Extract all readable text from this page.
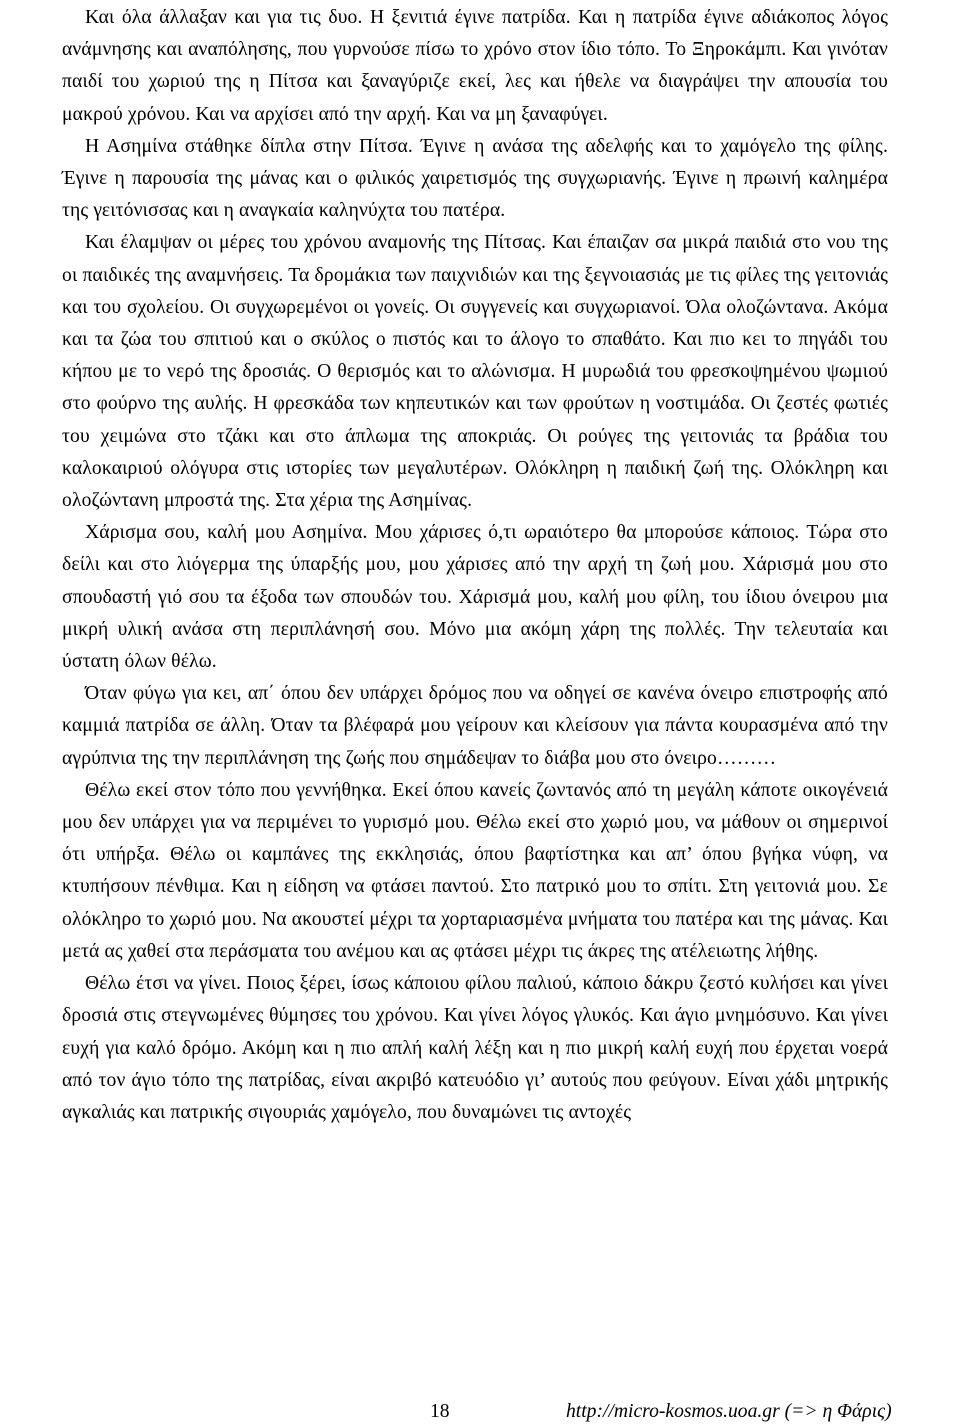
Και όλα άλλαξαν και για τις δυο. Η ξενιτιά έγινε πατρίδα. Και η πατρίδα έγινε αδιάκοπος λόγος ανάμνησης και αναπόλησης, που γυρνούσε πίσω το χρόνο στον ίδιο τόπο. Το Ξηροκάμπι. Και γινόταν παιδί του χωριού της η Πίτσα και ξαναγύριζε εκεί, λες και ήθελε να διαγράψει την απουσία του μακρού χρόνου. Και να αρχίσει από την αρχή. Και να μη ξαναφύγει.

Η Ασημίνα στάθηκε δίπλα στην Πίτσα. Έγινε η ανάσα της αδελφής και το χαμόγελο της φίλης. Έγινε η παρουσία της μάνας και ο φιλικός χαιρετισμός της συγχωριανής. Έγινε η πρωινή καλημέρα της γειτόνισσας και η αναγκαία καληνύχτα του πατέρα.

Και έλαμψαν οι μέρες του χρόνου αναμονής της Πίτσας. Και έπαιζαν σα μικρά παιδιά στο νου της οι παιδικές της αναμνήσεις. Τα δρομάκια των παιχνιδιών και της ξεγνοιασιάς με τις φίλες της γειτονιάς και του σχολείου. Οι συγχωρεμένοι οι γονείς. Οι συγγενείς και συγχωριανοί. Όλα ολοζώντανα. Ακόμα και τα ζώα του σπιτιού και ο σκύλος ο πιστός και το άλογο το σπαθάτο. Και πιο κει το πηγάδι του κήπου με το νερό της δροσιάς. Ο θερισμός και το αλώνισμα. Η μυρωδιά του φρεσκοψημένου ψωμιού στο φούρνο της αυλής. Η φρεσκάδα των κηπευτικών και των φρούτων η νοστιμάδα. Οι ζεστές φωτιές του χειμώνα στο τζάκι και στο άπλωμα της αποκριάς. Οι ρούγες της γειτονιάς τα βράδια του καλοκαιριού ολόγυρα στις ιστορίες των μεγαλυτέρων. Ολόκληρη η παιδική ζωή της. Ολόκληρη και ολοζώντανη μπροστά της. Στα χέρια της Ασημίνας.

Χάρισμα σου, καλή μου Ασημίνα. Μου χάρισες ό,τι ωραιότερο θα μπορούσε κάποιος. Τώρα στο δείλι και στο λιόγερμα της ύπαρξής μου, μου χάρισες από την αρχή τη ζωή μου. Χάρισμά μου στο σπουδαστή γιό σου τα έξοδα των σπουδών του. Χάρισμά μου, καλή μου φίλη, του ίδιου όνειρου μια μικρή υλική ανάσα στη περιπλάνησή σου. Μόνο μια ακόμη χάρη της πολλές. Την τελευταία και ύστατη όλων θέλω.

Όταν φύγω για κει, απ΄ όπου δεν υπάρχει δρόμος που να οδηγεί σε κανένα όνειρο επιστροφής από καμμιά πατρίδα σε άλλη. Όταν τα βλέφαρά μου γείρουν και κλείσουν για πάντα κουρασμένα από την αγρύπνια της την περιπλάνηση της ζωής που σημάδεψαν το διάβα μου στο όνειρο………

Θέλω εκεί στον τόπο που γεννήθηκα. Εκεί όπου κανείς ζωντανός από τη μεγάλη κάποτε οικογένειά μου δεν υπάρχει για να περιμένει το γυρισμό μου. Θέλω εκεί στο χωριό μου, να μάθουν οι σημερινοί ότι υπήρξα. Θέλω οι καμπάνες της εκκλησιάς, όπου βαφτίστηκα και απ’ όπου βγήκα νύφη, να κτυπήσουν πένθιμα. Και η είδηση να φτάσει παντού. Στο πατρικό μου το σπίτι. Στη γειτονιά μου. Σε ολόκληρο το χωριό μου. Να ακουστεί μέχρι τα χορταριασμένα μνήματα του πατέρα και της μάνας. Και μετά ας χαθεί στα περάσματα του ανέμου και ας φτάσει μέχρι τις άκρες της ατέλειωτης λήθης.

Θέλω έτσι να γίνει. Ποιος ξέρει, ίσως κάποιου φίλου παλιού, κάποιο δάκρυ ζεστό κυλήσει και γίνει δροσιά στις στεγνωμένες θύμησες του χρόνου. Και γίνει λόγος γλυκός. Και άγιο μνημόσυνο. Και γίνει ευχή για καλό δρόμο. Ακόμη και η πιο απλή καλή λέξη και η πιο μικρή καλή ευχή που έρχεται νοερά από τον άγιο τόπο της πατρίδας, είναι ακριβό κατευόδιο γι’ αυτούς που φεύγουν. Είναι χάδι μητρικής αγκαλιάς και πατρικής σιγουριάς χαμόγελο, που δυναμώνει τις αντοχές

18	http://micro-kosmos.uoa.gr (=> η Φάρις)
